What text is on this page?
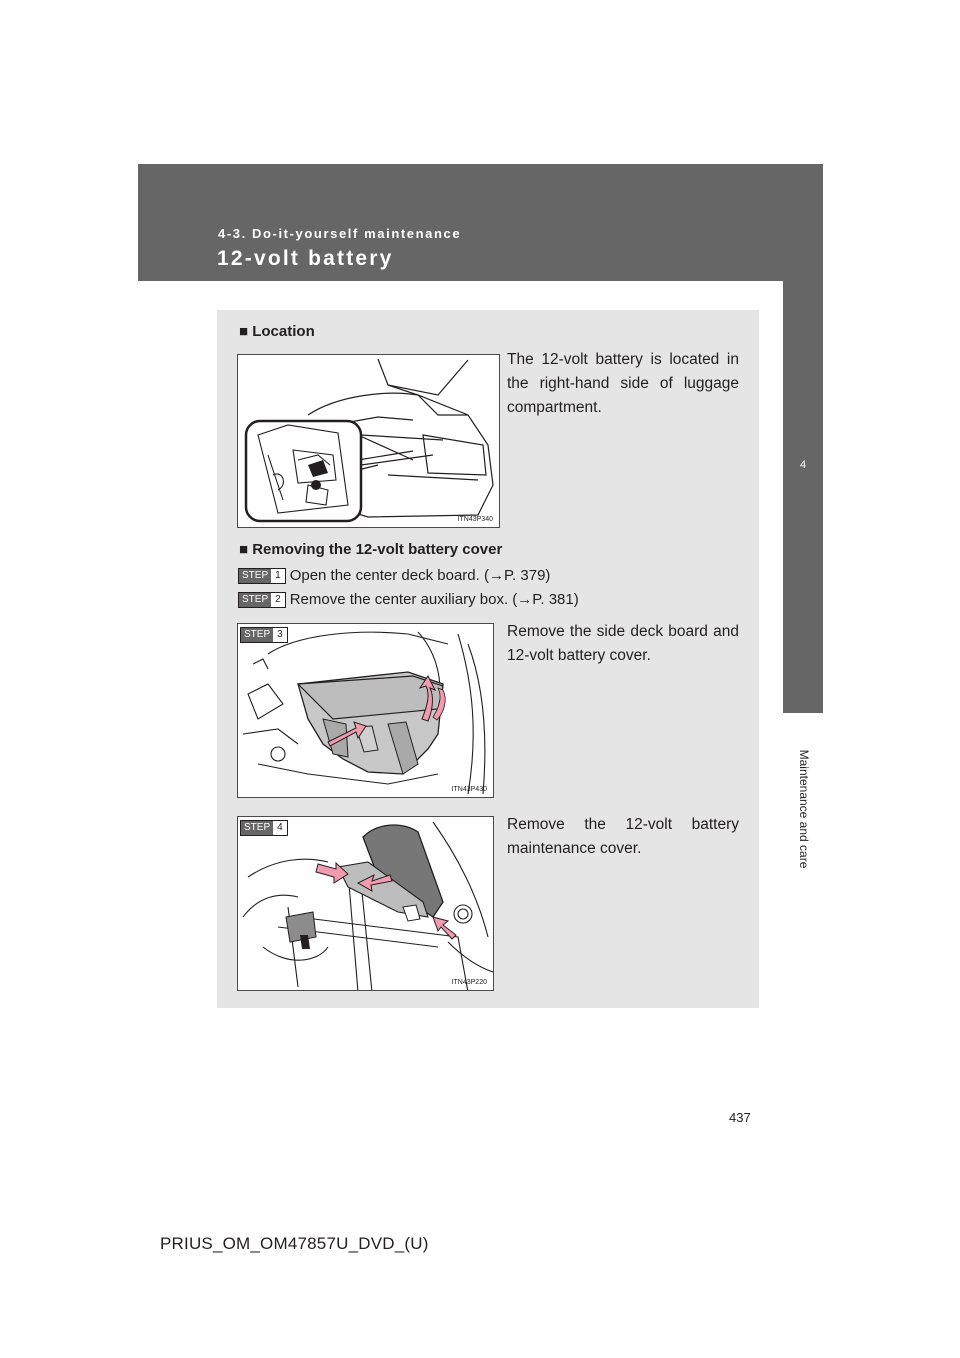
4-3. Do-it-yourself maintenance
12-volt battery
4
Maintenance and care
■ Location
ITN43P340
The 12-volt battery is located in the right-hand side of luggage compartment.
■ Removing the 12-volt battery cover
STEP 1 Open the center deck board. (→P. 379)
STEP 2 Remove the center auxiliary box. (→P. 381)
STEP 3
ITN43P430
Remove the side deck board and 12-volt battery cover.
STEP 4
ITN43P220
Remove the 12-volt battery maintenance cover.
437
PRIUS_OM_OM47857U_DVD_(U)
